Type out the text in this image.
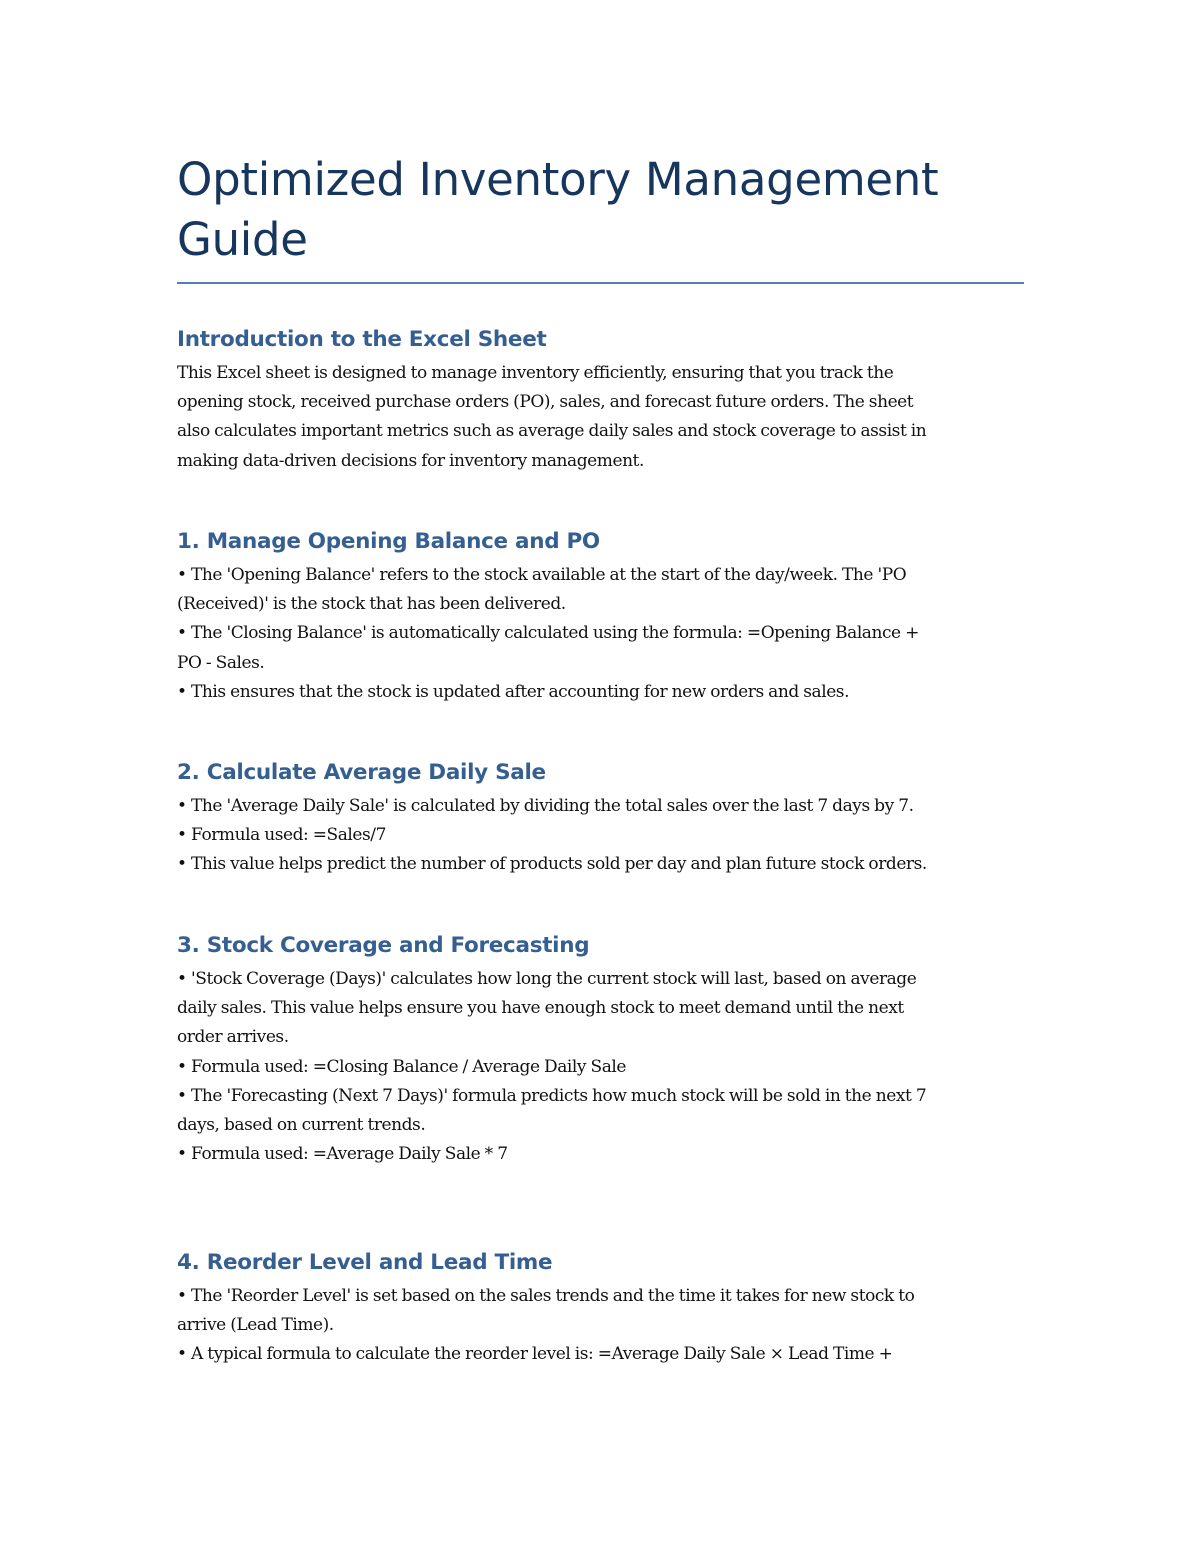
Optimized Inventory Management
Guide
Introduction to the Excel Sheet

This Excel sheet is designed to manage inventory efficiently, ensuring that you track the

opening stock, received purchase orders (PO), sales, and forecast future orders. The sheet

also calculates important metrics such as average daily sales and stock coverage to assist in

making data-driven decisions for inventory management.

1. Manage Opening Balance and PO

• The 'Opening Balance' refers to the stock available at the start of the day/week. The 'PO

(Received)' is the stock that has been delivered.

• The 'Closing Balance' is automatically calculated using the formula: =Opening Balance +

PO - Sales.

• This ensures that the stock is updated after accounting for new orders and sales.

2. Calculate Average Daily Sale

• The 'Average Daily Sale' is calculated by dividing the total sales over the last 7 days by 7.

• Formula used: =Sales/7

• This value helps predict the number of products sold per day and plan future stock orders.

3. Stock Coverage and Forecasting

• 'Stock Coverage (Days)' calculates how long the current stock will last, based on average

daily sales. This value helps ensure you have enough stock to meet demand until the next

order arrives.

• Formula used: =Closing Balance / Average Daily Sale

• The 'Forecasting (Next 7 Days)' formula predicts how much stock will be sold in the next 7

days, based on current trends.

• Formula used: =Average Daily Sale * 7

4. Reorder Level and Lead Time

• The 'Reorder Level' is set based on the sales trends and the time it takes for new stock to

arrive (Lead Time).

• A typical formula to calculate the reorder level is: =Average Daily Sale × Lead Time +
